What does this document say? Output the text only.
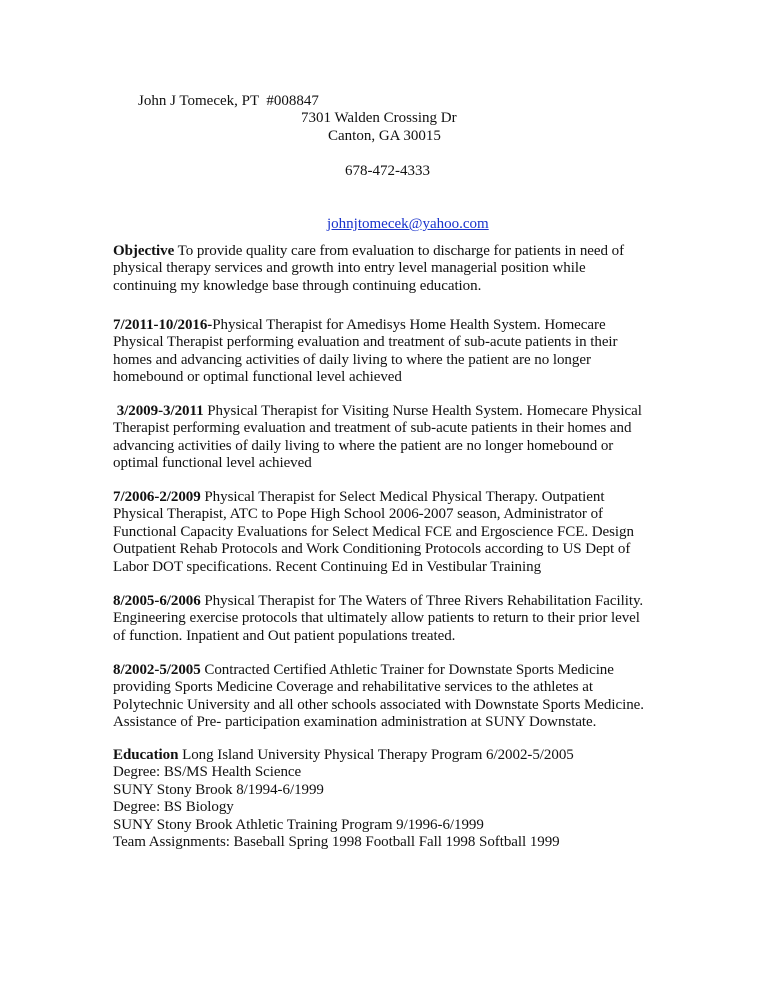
John J Tomecek, PT  #008847
7301 Walden Crossing Dr
Canton, GA 30015
678-472-4333

johnjtomecek@yahoo.com

Objective To provide quality care from evaluation to discharge for patients in need of
physical therapy services and growth into entry level managerial position while
continuing my knowledge base through continuing education.
7/2011-10/2016-Physical Therapist for Amedisys Home Health System. Homecare
Physical Therapist performing evaluation and treatment of sub-acute patients in their
homes and advancing activities of daily living to where the patient are no longer
homebound or optimal functional level achieved
3/2009-3/2011 Physical Therapist for Visiting Nurse Health System. Homecare Physical
Therapist performing evaluation and treatment of sub-acute patients in their homes and
advancing activities of daily living to where the patient are no longer homebound or
optimal functional level achieved
7/2006-2/2009 Physical Therapist for Select Medical Physical Therapy. Outpatient
Physical Therapist, ATC to Pope High School 2006-2007 season, Administrator of
Functional Capacity Evaluations for Select Medical FCE and Ergoscience FCE. Design
Outpatient Rehab Protocols and Work Conditioning Protocols according to US Dept of
Labor DOT specifications. Recent Continuing Ed in Vestibular Training
8/2005-6/2006 Physical Therapist for The Waters of Three Rivers Rehabilitation Facility.
Engineering exercise protocols that ultimately allow patients to return to their prior level
of function. Inpatient and Out patient populations treated.
8/2002-5/2005 Contracted Certified Athletic Trainer for Downstate Sports Medicine
providing Sports Medicine Coverage and rehabilitative services to the athletes at
Polytechnic University and all other schools associated with Downstate Sports Medicine.
Assistance of Pre- participation examination administration at SUNY Downstate.
Education Long Island University Physical Therapy Program 6/2002-5/2005
Degree: BS/MS Health Science
SUNY Stony Brook 8/1994-6/1999
Degree: BS Biology
SUNY Stony Brook Athletic Training Program 9/1996-6/1999
Team Assignments: Baseball Spring 1998 Football Fall 1998 Softball 1999
